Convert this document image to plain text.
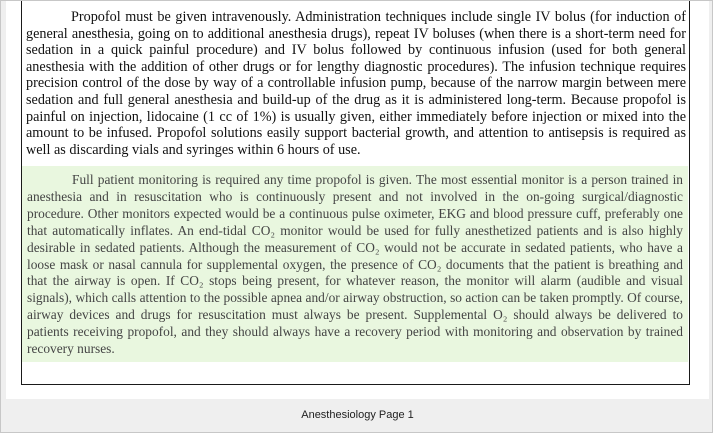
Propofol must be given intravenously. Administration techniques include single IV bolus (for induction of general anesthesia, going on to additional anesthesia drugs), repeat IV boluses (when there is a short-term need for sedation in a quick painful procedure) and IV bolus followed by continuous infusion (used for both general anesthesia with the addition of other drugs or for lengthy diagnostic procedures). The infusion technique requires precision control of the dose by way of a controllable infusion pump, because of the narrow margin between mere sedation and full general anesthesia and build-up of the drug as it is administered long-term. Because propofol is painful on injection, lidocaine (1 cc of 1%) is usually given, either immediately before injection or mixed into the amount to be infused. Propofol solutions easily support bacterial growth, and attention to antisepsis is required as well as discarding vials and syringes within 6 hours of use.

Full patient monitoring is required any time propofol is given. The most essential monitor is a person trained in anesthesia and in resuscitation who is continuously present and not involved in the on-going surgical/diagnostic procedure. Other monitors expected would be a continuous pulse oximeter, EKG and blood pressure cuff, preferably one that automatically inflates. An end-tidal CO₂ monitor would be used for fully anesthetized patients and is also highly desirable in sedated patients. Although the measurement of CO₂ would not be accurate in sedated patients, who have a loose mask or nasal cannula for supplemental oxygen, the presence of CO₂ documents that the patient is breathing and that the airway is open. If CO₂ stops being present, for whatever reason, the monitor will alarm (audible and visual signals), which calls attention to the possible apnea and/or airway obstruction, so action can be taken promptly. Of course, airway devices and drugs for resuscitation must always be present. Supplemental O₂ should always be delivered to patients receiving propofol, and they should always have a recovery period with monitoring and observation by trained recovery nurses.

Anesthesiology Page 1
